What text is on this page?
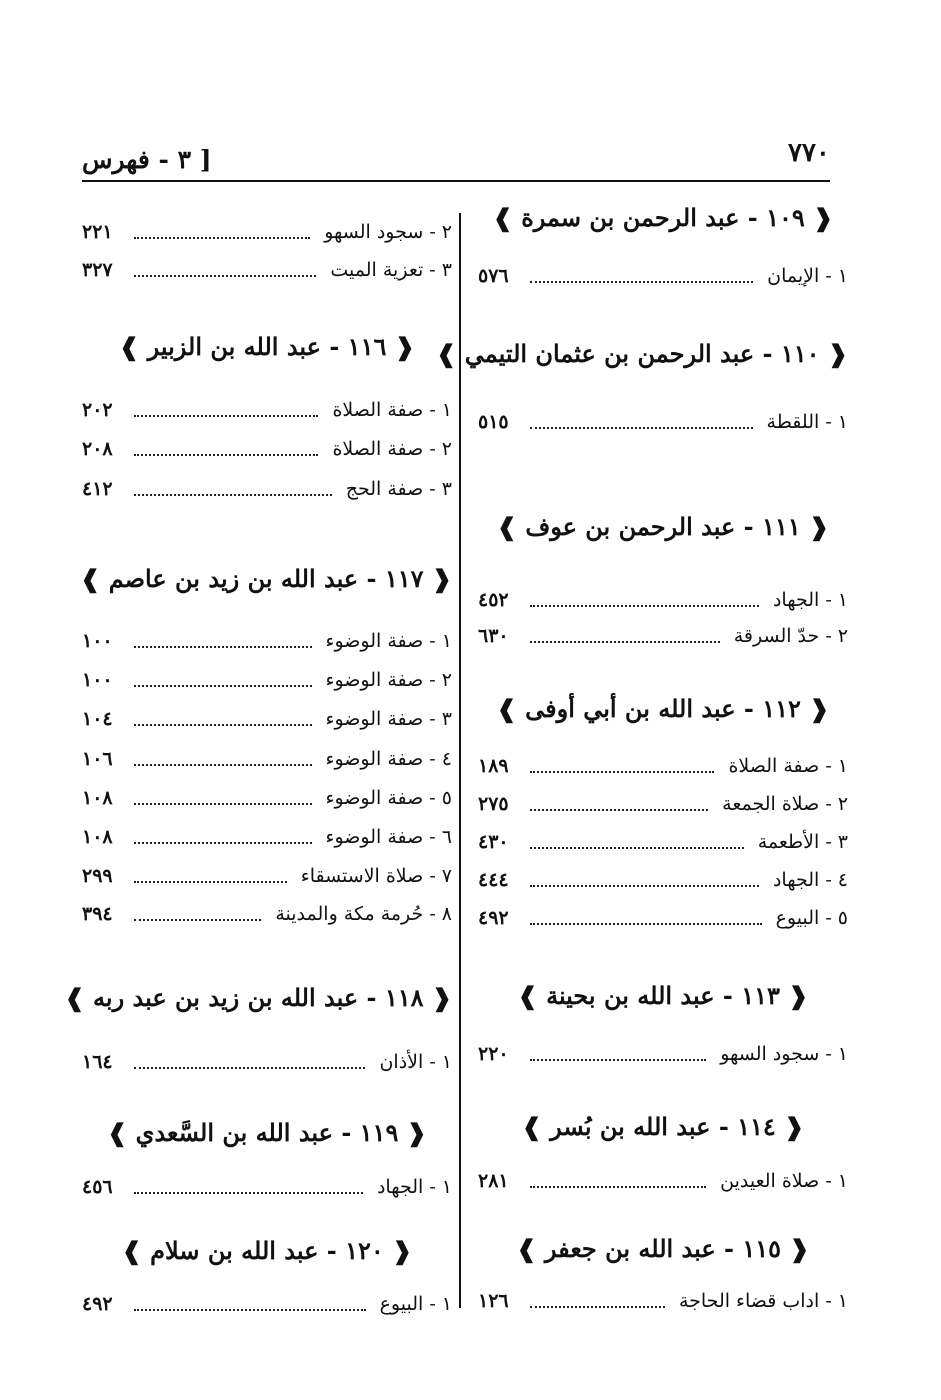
٧٧٠
[ ٣ - فهرس
❰ ١٠٩ - عبد الرحمن بن سمرة ❱
١ - الإيمان
٥٧٦
❰ ١١٠ - عبد الرحمن بن عثمان التيمي ❱
١ - اللقطة
٥١٥
❰ ١١١ - عبد الرحمن بن عوف ❱
١ - الجهاد
٤٥٢
٢ - حدّ السرقة
٦٣٠
❰ ١١٢ - عبد الله بن أبي أوفى ❱
١ - صفة الصلاة
١٨٩
٢ - صلاة الجمعة
٢٧٥
٣ - الأطعمة
٤٣٠
٤ - الجهاد
٤٤٤
٥ - البيوع
٤٩٢
❰ ١١٣ - عبد الله بن بحينة ❱
١ - سجود السهو
٢٢٠
❰ ١١٤ - عبد الله بن بُسر ❱
١ - صلاة العيدين
٢٨١
❰ ١١٥ - عبد الله بن جعفر ❱
١ - اداب قضاء الحاجة
١٢٦
٢ - سجود السهو
٢٢١
٣ - تعزية الميت
٣٢٧
❰ ١١٦ - عبد الله بن الزبير ❱
١ - صفة الصلاة
٢٠٢
٢ - صفة الصلاة
٢٠٨
٣ - صفة الحج
٤١٢
❰ ١١٧ - عبد الله بن زيد بن عاصم ❱
١ - صفة الوضوء
١٠٠
٢ - صفة الوضوء
١٠٠
٣ - صفة الوضوء
١٠٤
٤ - صفة الوضوء
١٠٦
٥ - صفة الوضوء
١٠٨
٦ - صفة الوضوء
١٠٨
٧ - صلاة الاستسقاء
٢٩٩
٨ - حُرمة مكة والمدينة
٣٩٤
❰ ١١٨ - عبد الله بن زيد بن عبد ربه ❱
١ - الأذان
١٦٤
❰ ١١٩ - عبد الله بن السَّعدي ❱
١ - الجهاد
٤٥٦
❰ ١٢٠ - عبد الله بن سلام ❱
١ - البيوع
٤٩٢
